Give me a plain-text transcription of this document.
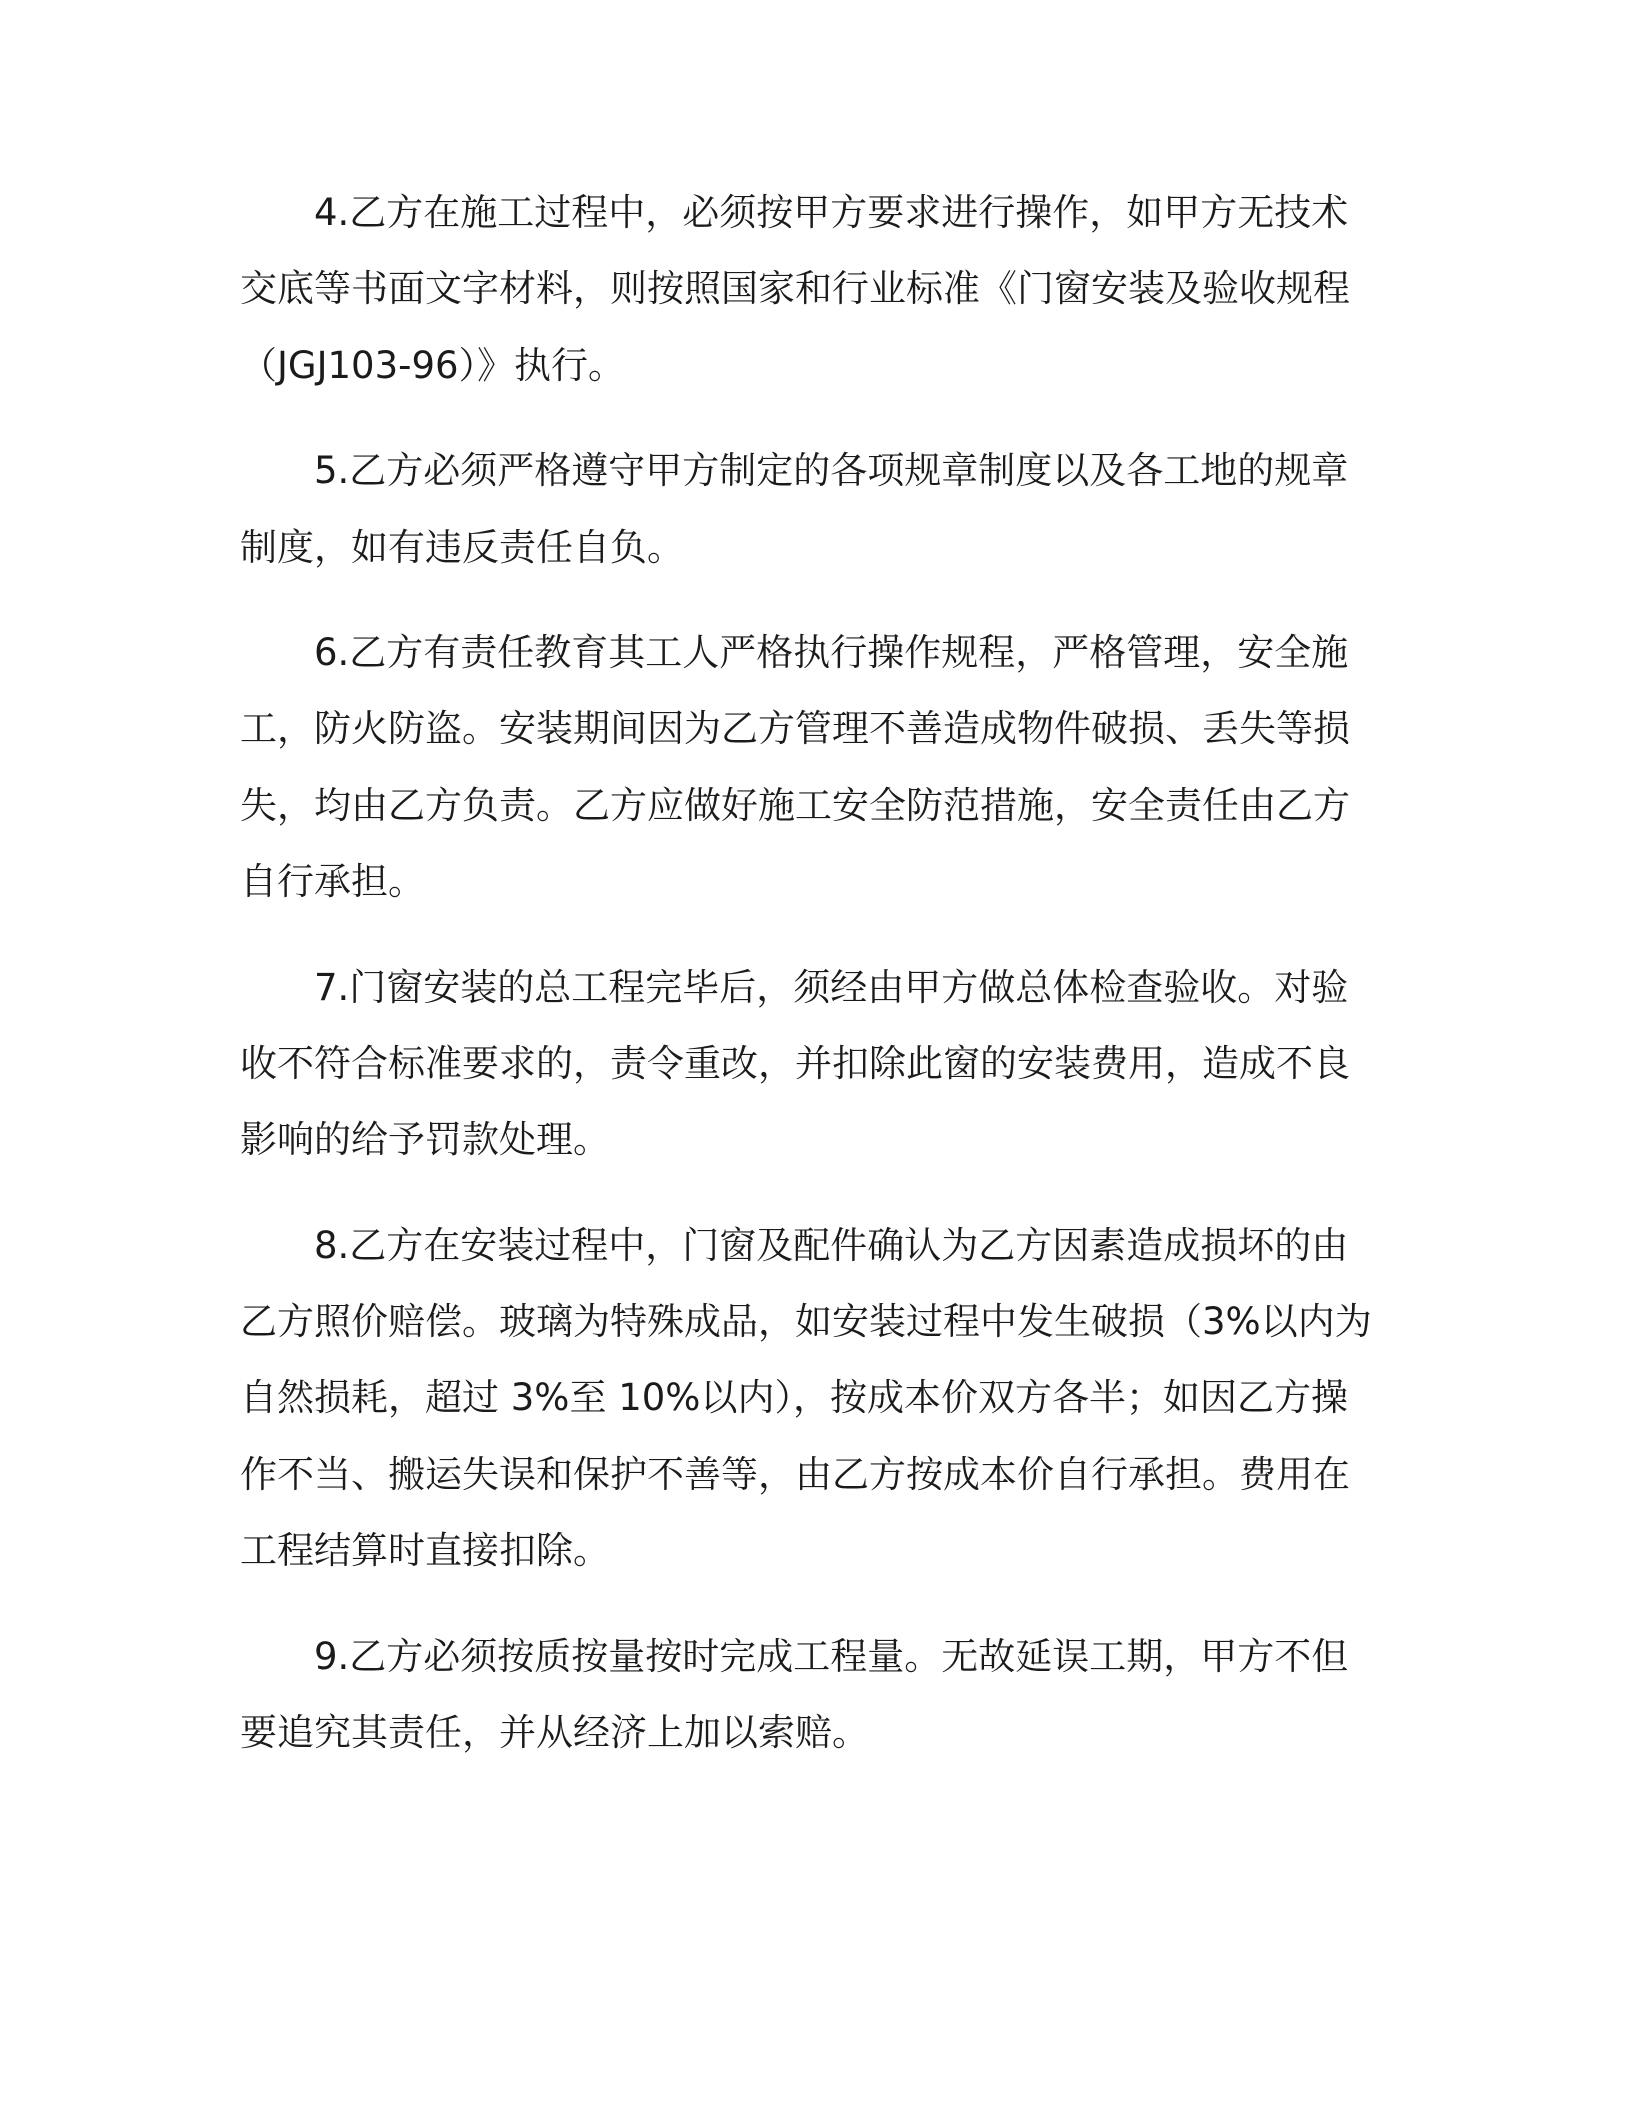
4.乙方在施工过程中，必须按甲方要求进行操作，如甲方无技术
交底等书面文字材料，则按照国家和行业标准《门窗安装及验收规程
（JGJ103-96）》执行。
5.乙方必须严格遵守甲方制定的各项规章制度以及各工地的规章
制度，如有违反责任自负。
6.乙方有责任教育其工人严格执行操作规程，严格管理，安全施
工，防火防盗。安装期间因为乙方管理不善造成物件破损、丢失等损
失，均由乙方负责。乙方应做好施工安全防范措施，安全责任由乙方
自行承担。
7.门窗安装的总工程完毕后，须经由甲方做总体检查验收。对验
收不符合标准要求的，责令重改，并扣除此窗的安装费用，造成不良
影响的给予罚款处理。
8.乙方在安装过程中，门窗及配件确认为乙方因素造成损坏的由
乙方照价赔偿。玻璃为特殊成品，如安装过程中发生破损（3%以内为
自然损耗，超过 3%至 10%以内），按成本价双方各半；如因乙方操
作不当、搬运失误和保护不善等，由乙方按成本价自行承担。费用在
工程结算时直接扣除。
9.乙方必须按质按量按时完成工程量。无故延误工期，甲方不但
要追究其责任，并从经济上加以索赔。
